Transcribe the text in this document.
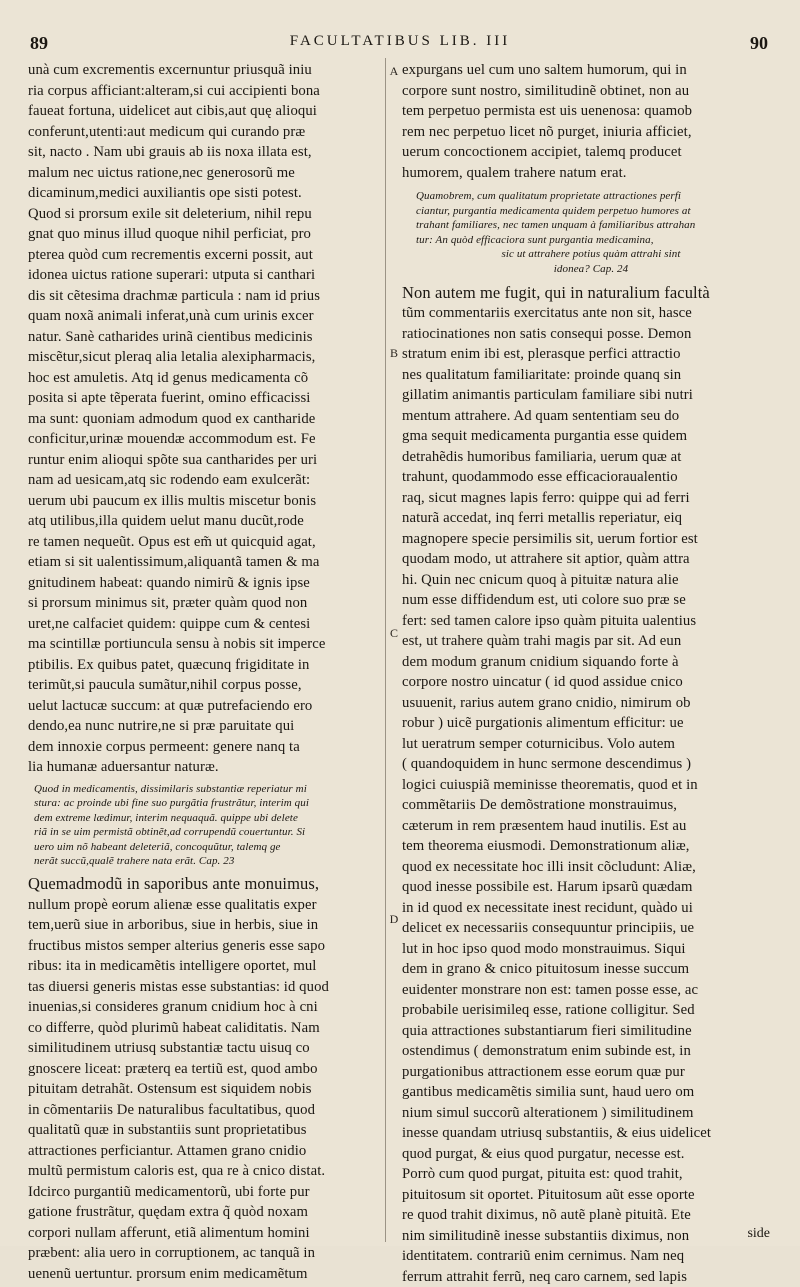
89	FACULTATIBUS LIB. III	90
A
B
C
D
unà cum excrementis excernuntur priusquã iniu
ria corpus afficiant:alteram,si cui accipienti bona
faueat fortuna, uidelicet aut cibis,aut quę alioqui
conferunt,utenti:aut medicum qui curando præ
sit, nacto . Nam ubi grauis ab iis noxa illata est,
malum nec uictus ratione,nec generosorũ me
dicaminum,medici auxiliantis ope sisti potest.
Quod si prorsum exile sit deleterium, nihil repu
gnat quo minus illud quoque nihil perficiat, pro
pterea quòd cum recrementis excerni possit, aut
idonea uictus ratione superari: utputa si canthari
dis sit cẽtesima drachmæ particula : nam id prius
quam noxã animali inferat,unà cum urinis excer
natur. Sanè catharides urinã cientibus medicinis
miscẽtur,sicut pleraq alia letalia alexipharmacis,
hoc est amuletis. Atq id genus medicamenta cõ
posita si apte tẽperata fuerint, omino efficacissi
ma sunt: quoniam admodum quod ex cantharide
conficitur,urinæ mouendæ accommodum est. Fe
runtur enim alioqui spõte sua cantharides per uri
nam ad uesicam,atq sic rodendo eam exulcerãt:
uerum ubi paucum ex illis multis miscetur bonis
atq utilibus,illa quidem uelut manu ducũt,rode
re tamen nequeũt. Opus est em̃ ut quicquid agat,
etiam si sit ualentissimum,aliquantã tamen & ma
gnitudinem habeat: quando nimirũ & ignis ipse
si prorsum minimus sit, præter quàm quod non
uret,ne calfaciet quidem: quippe cum & centesi
ma scintillæ portiuncula sensu à nobis sit imperce
ptibilis. Ex quibus patet, quæcunq frigiditate in
terimũt,si paucula sumãtur,nihil corpus posse,
uelut lactucæ succum: at quæ putrefaciendo ero
dendo,ea nunc nutrire,ne si præ paruitate qui
dem innoxie corpus permeent: genere nanq ta
lia humanæ aduersantur naturæ.
Quod in medicamentis, dissimilaris substantiæ reperiatur mi
stura: ac proinde ubi fine suo purgãtia frustrãtur, interim qui
dem extreme lædimur, interim nequaquã. quippe ubi delete
riã in se uim permistã obtinẽt,ad corrupendũ couertuntur. Si
uero uim nõ habeant deleteriã, concoquũtur, talemq ge
nerãt succũ,qualẽ trahere nata erãt. Cap. 23
Quemadmodũ in saporibus ante monuimus,
nullum propè eorum alienæ esse qualitatis exper
tem,uerũ siue in arboribus, siue in herbis, siue in
fructibus mistos semper alterius generis esse sapo
ribus: ita in medicamẽtis intelligere oportet, mul
tas diuersi generis mistas esse substantias: id quod
inuenias,si consideres granum cnidium hoc à cni
co differre, quòd plurimũ habeat caliditatis. Nam
similitudinem utriusq substantiæ tactu uisuq co
gnoscere liceat: præterq ea tertiũ est, quod ambo
pituitam detrahãt. Ostensum est siquidem nobis
in cõmentariis De naturalibus facultatibus, quod
qualitatũ quæ in substantiis sunt proprietatibus
attractiones perficiantur. Attamen grano cnidio
multũ permistum caloris est, qua re à cnico distat.
Idcirco purgantiũ medicamentorũ, ubi forte pur
gatione frustrãtur, quędam extra q̃ quòd noxam
corpori nullam afferunt, etiã alimentum homini
præbent: alia uero in corruptionem, ac tanquã in
uenenũ uertuntur. prorsum enim medicamẽtum
expurgans uel cum uno saltem humorum, qui in
corpore sunt nostro, similitudinẽ obtinet, non au
tem perpetuo permista est uis uenenosa: quamob
rem nec perpetuo licet nõ purget, iniuria afficiet,
uerum concoctionem accipiet, talemq producet
humorem, qualem trahere natum erat.
Quamobrem, cum qualitatum proprietate attractiones perfi
ciantur, purgantia medicamenta quidem perpetuo humores at
trahant familiares, nec tamen unquam à familiaribus attrahan
tur: An quòd efficaciora sunt purgantia medicamina,
sic ut attrahere potius quàm attrahi sint
idonea? Cap. 24
Non autem me fugit, qui in naturalium facultà
tũm commentariis exercitatus ante non sit, hasce
ratiocinationes non satis consequi posse. Demon
stratum enim ibi est, plerasque perfici attractio
nes qualitatum familiaritate: proinde quanq sin
gillatim animantis particulam familiare sibi nutri
mentum attrahere. Ad quam sententiam seu do
gma sequit medicamenta purgantia esse quidem
detrahẽdis humoribus familiaria, uerum quæ at
trahunt, quodammodo esse efficacioraualentio
raq, sicut magnes lapis ferro: quippe qui ad ferri
naturã accedat, inq ferri metallis reperiatur, eiq
magnopere specie persimilis sit, uerum fortior est
quodam modo, ut attrahere sit aptior, quàm attra
hi. Quin nec cnicum quoq à pituitæ natura alie
num esse diffidendum est, uti colore suo præ se
fert: sed tamen calore ipso quàm pituita ualentius
est, ut trahere quàm trahi magis par sit. Ad eun
dem modum granum cnidium siquando forte à
corpore nostro uincatur ( id quod assidue cnico
usuuenit, rarius autem grano cnidio, nimirum ob
robur ) uicẽ purgationis alimentum efficitur: ue
lut ueratrum semper coturnicibus. Volo autem
( quandoquidem in hunc sermone descendimus )
logici cuiuspiã meminisse theorematis, quod et in
commẽtariis De demõstratione monstrauimus,
cæterum in rem præsentem haud inutilis. Est au
tem theorema eiusmodi. Demonstrationum aliæ,
quod ex necessitate hoc illi insit cõcludunt: Aliæ,
quod inesse possibile est. Harum ipsarũ quædam
in id quod ex necessitate inest recidunt, quàdo ui
delicet ex necessariis consequuntur principiis, ue
lut in hoc ipso quod modo monstrauimus. Siqui
dem in grano & cnico pituitosum inesse succum
euidenter monstrare non est: tamen posse esse, ac
probabile uerisimileq esse, ratione colligitur. Sed
quia attractiones substantiarum fieri similitudine
ostendimus ( demonstratum enim subinde est, in
purgationibus attractionem esse eorum quæ pur
gantibus medicamẽtis similia sunt, haud uero om
nium simul succorũ alterationem ) similitudinem
inesse quandam utriusq substantiis, & eius uidelicet
quod purgat, & eius quod purgatur, necesse est.
Porrò cum quod purgat, pituita est: quod trahit,
pituitosum sit oportet. Pituitosum aũt esse oporte
re quod trahit diximus, nõ autẽ planè pituitã. Ete
nim similitudinẽ inesse substantiis diximus, non
identitatem. contrariũ enim cernimus. Nam neq
ferrum attrahit ferrũ, neq caro carnem, sed lapis
side
